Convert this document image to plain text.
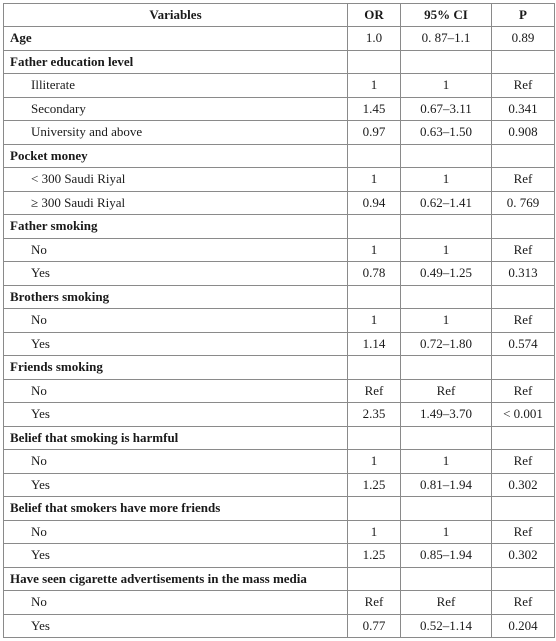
Variables	OR	95% CI	P
Age	1.0	0. 87–1.1	0.89
Father education level			
Illiterate	1	1	Ref
Secondary	1.45	0.67–3.11	0.341
University and above	0.97	0.63–1.50	0.908
Pocket money			
< 300 Saudi Riyal	1	1	Ref
≥ 300 Saudi Riyal	0.94	0.62–1.41	0. 769
Father smoking			
No	1	1	Ref
Yes	0.78	0.49–1.25	0.313
Brothers smoking			
No	1	1	Ref
Yes	1.14	0.72–1.80	0.574
Friends smoking			
No	Ref	Ref	Ref
Yes	2.35	1.49–3.70	< 0.001
Belief that smoking is harmful			
No	1	1	Ref
Yes	1.25	0.81–1.94	0.302
Belief that smokers have more friends			
No	1	1	Ref
Yes	1.25	0.85–1.94	0.302
Have seen cigarette advertisements in the mass media			
No	Ref	Ref	Ref
Yes	0.77	0.52–1.14	0.204
